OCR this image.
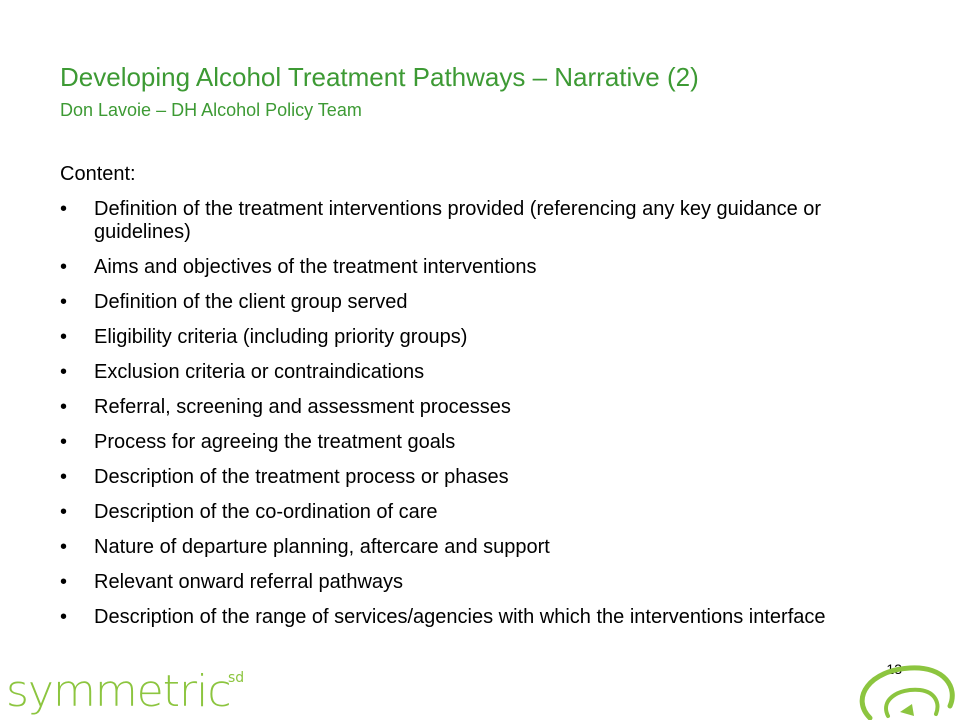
Developing Alcohol Treatment Pathways – Narrative (2)
Don Lavoie – DH Alcohol Policy Team
Content:
• Definition of the treatment interventions provided (referencing any key guidance or guidelines)
• Aims and objectives of the treatment interventions
• Definition of the client group served
• Eligibility criteria (including priority groups)
• Exclusion criteria or contraindications
• Referral, screening and assessment processes
• Process for agreeing the treatment goals
• Description of the treatment process or phases
• Description of the co-ordination of care
• Nature of departure planning, aftercare and support
• Relevant onward referral pathways
• Description of the range of services/agencies with which the interventions interface
13
symmetric
sd
